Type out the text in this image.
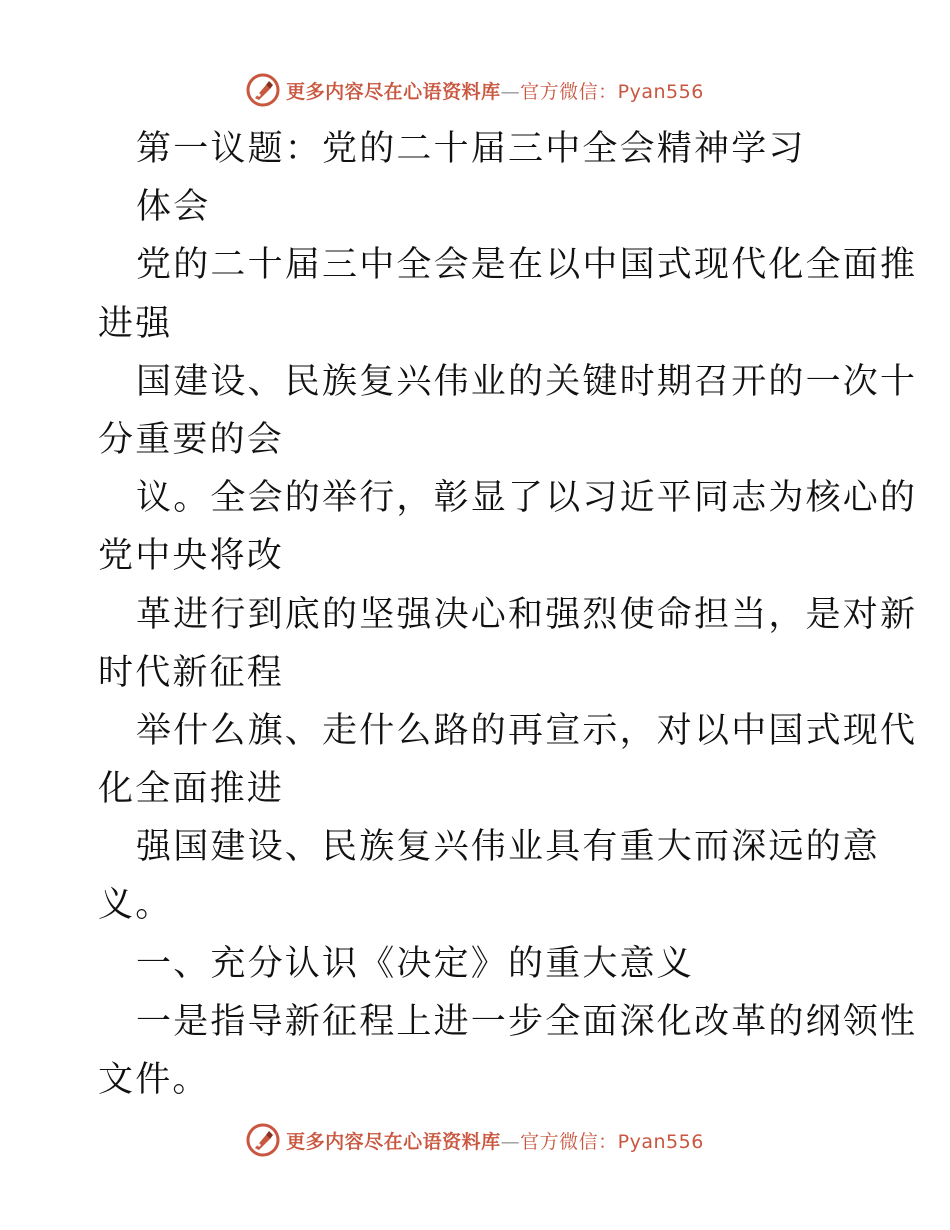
更多内容尽在心语资料库—官方微信：Pyan556
第一议题：党的二十届三中全会精神学习
体会
党的二十届三中全会是在以中国式现代化全面推
进强
国建设、民族复兴伟业的关键时期召开的一次十
分重要的会
议。全会的举行，彰显了以习近平同志为核心的
党中央将改
革进行到底的坚强决心和强烈使命担当，是对新
时代新征程
举什么旗、走什么路的再宣示，对以中国式现代
化全面推进
强国建设、民族复兴伟业具有重大而深远的意
义。
一、充分认识《决定》的重大意义
一是指导新征程上进一步全面深化改革的纲领性
文件。
更多内容尽在心语资料库—官方微信：Pyan556
